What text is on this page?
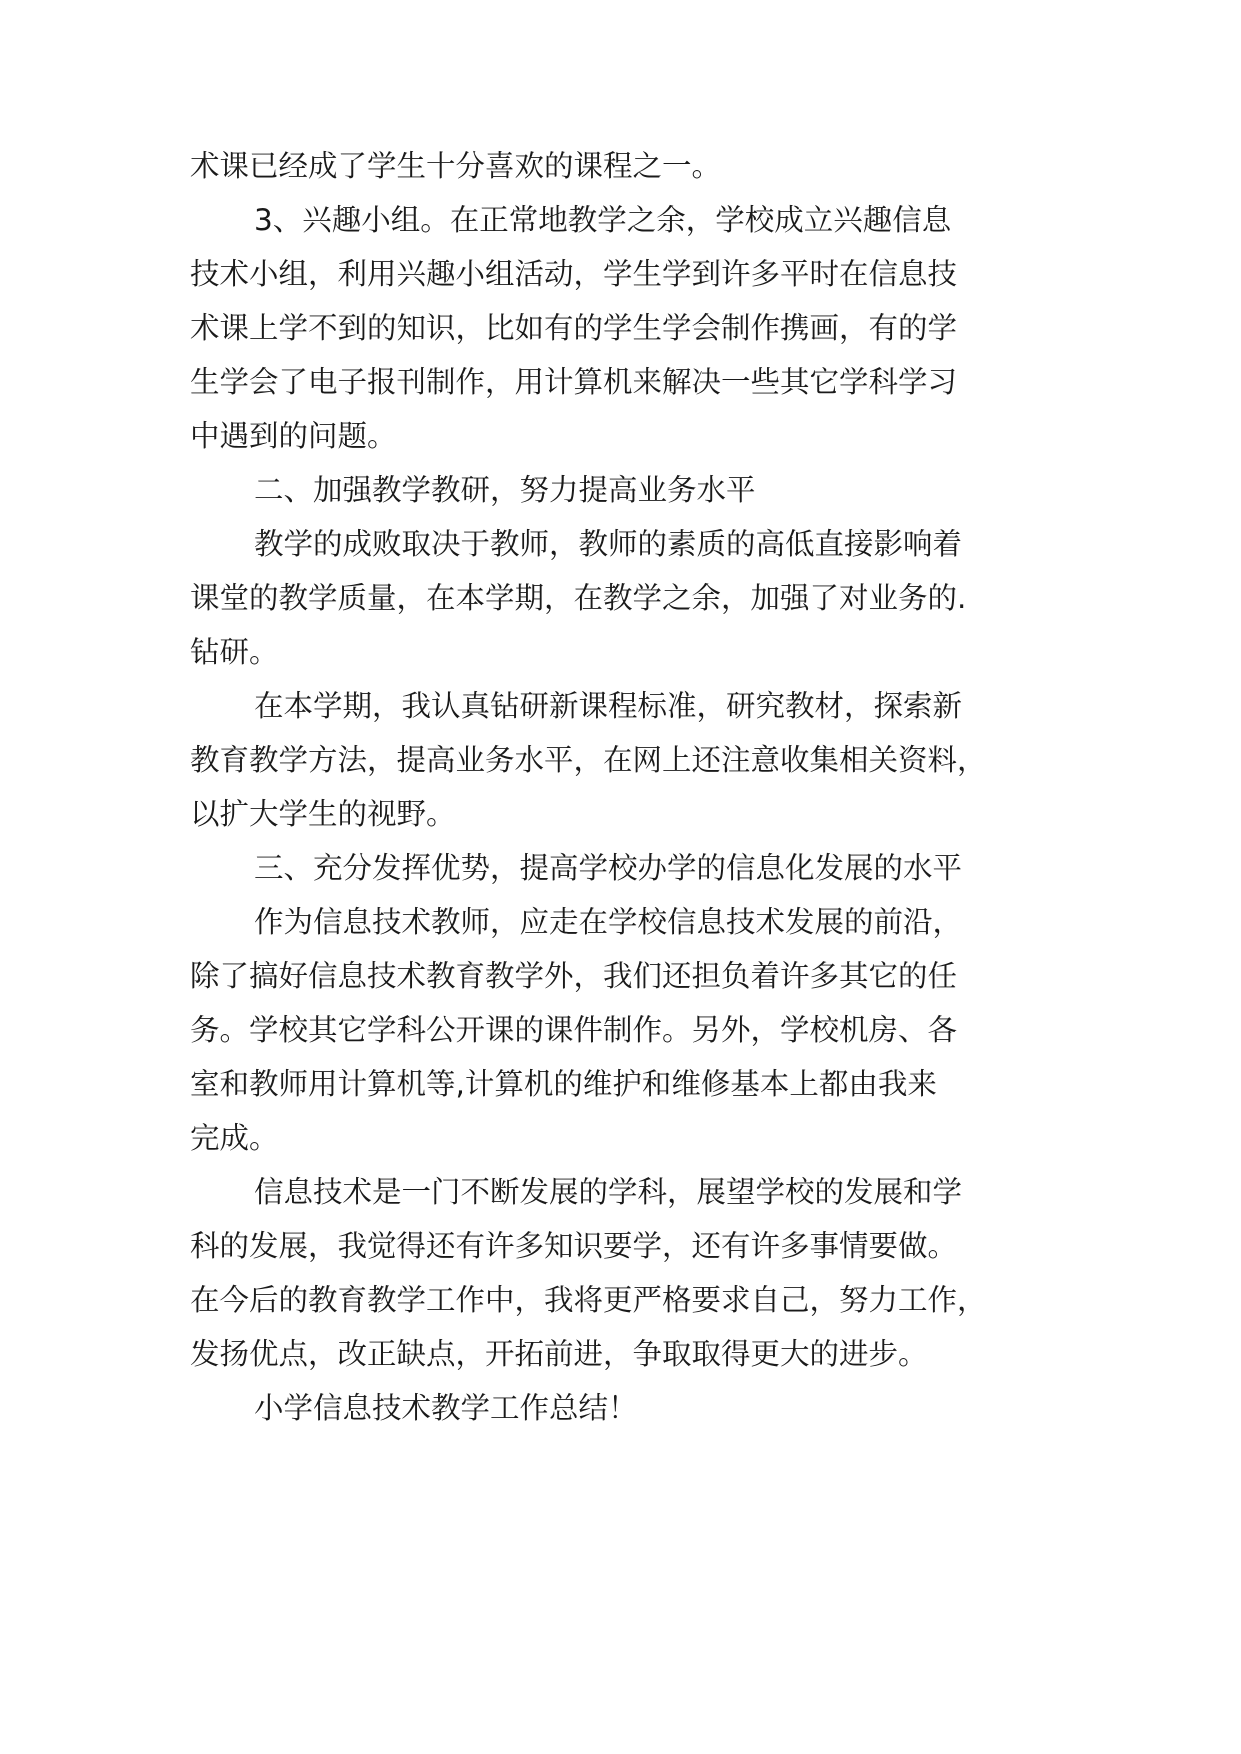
术课已经成了学生十分喜欢的课程之一。

3、兴趣小组。在正常地教学之余，学校成立兴趣信息

技术小组，利用兴趣小组活动，学生学到许多平时在信息技

术课上学不到的知识，比如有的学生学会制作携画，有的学

生学会了电子报刊制作，用计算机来解决一些其它学科学习

中遇到的问题。

二、加强教学教研，努力提高业务水平

教学的成败取决于教师，教师的素质的高低直接影响着

课堂的教学质量，在本学期，在教学之余，加强了对业务的.

钻研。

在本学期，我认真钻研新课程标准，研究教材，探索新

教育教学方法，提高业务水平，在网上还注意收集相关资料，

以扩大学生的视野。

三、充分发挥优势，提高学校办学的信息化发展的水平

作为信息技术教师，应走在学校信息技术发展的前沿，

除了搞好信息技术教育教学外，我们还担负着许多其它的任

务。学校其它学科公开课的课件制作。另外，学校机房、各

室和教师用计算机等,计算机的维护和维修基本上都由我来

完成。

信息技术是一门不断发展的学科，展望学校的发展和学

科的发展，我觉得还有许多知识要学，还有许多事情要做。

在今后的教育教学工作中，我将更严格要求自己，努力工作，

发扬优点，改正缺点，开拓前进，争取取得更大的进步。

小学信息技术教学工作总结！
